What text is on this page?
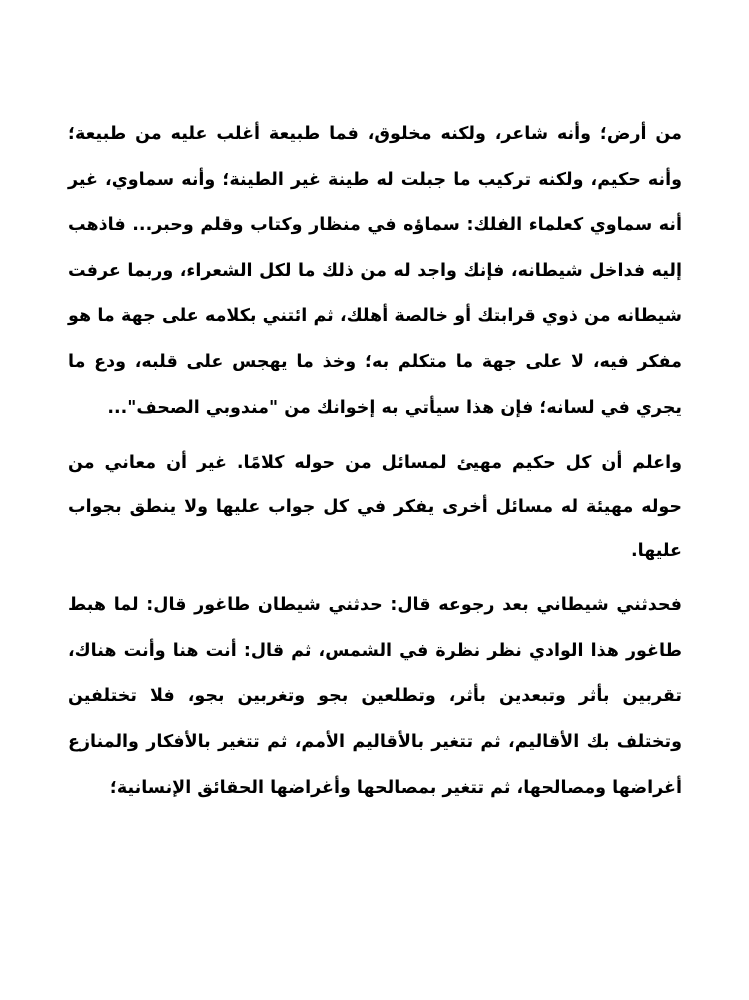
من أرض؛ وأنه شاعر، ولكنه مخلوق، فما طبيعة أغلب عليه من طبيعة؛ وأنه حكيم، ولكنه تركيب ما جبلت له طينة غير الطينة؛ وأنه سماوي، غير أنه سماوي كعلماء الفلك: سماؤه في منظار وكتاب وقلم وحبر... فاذهب إليه فداخل شيطانه، فإنك واجد له من ذلك ما لكل الشعراء، وربما عرفت شيطانه من ذوي قرابتك أو خالصة أهلك، ثم ائتني بكلامه على جهة ما هو مفكر فيه، لا على جهة ما متكلم به؛ وخذ ما يهجس على قلبه، ودع ما يجري في لسانه؛ فإن هذا سيأتي به إخوانك من "مندوبي الصحف"...

واعلم أن كل حكيم مهيئ لمسائل من حوله كلامًا. غير أن معاني من حوله مهيئة له مسائل أخرى يفكر في كل جواب عليها ولا ينطق بجواب عليها.

فحدثني شيطاني بعد رجوعه قال: حدثني شيطان طاغور قال: لما هبط طاغور هذا الوادي نظر نظرة في الشمس، ثم قال: أنت هنا وأنت هناك، تقربين بأثر وتبعدين بأثر، وتطلعين بجو وتغربين بجو، فلا تختلفين وتختلف بك الأقاليم، ثم تتغير بالأقاليم الأمم، ثم تتغير بالأفكار والمنازع أغراضها ومصالحها، ثم تتغير بمصالحها وأغراضها الحقائق الإنسانية؛
